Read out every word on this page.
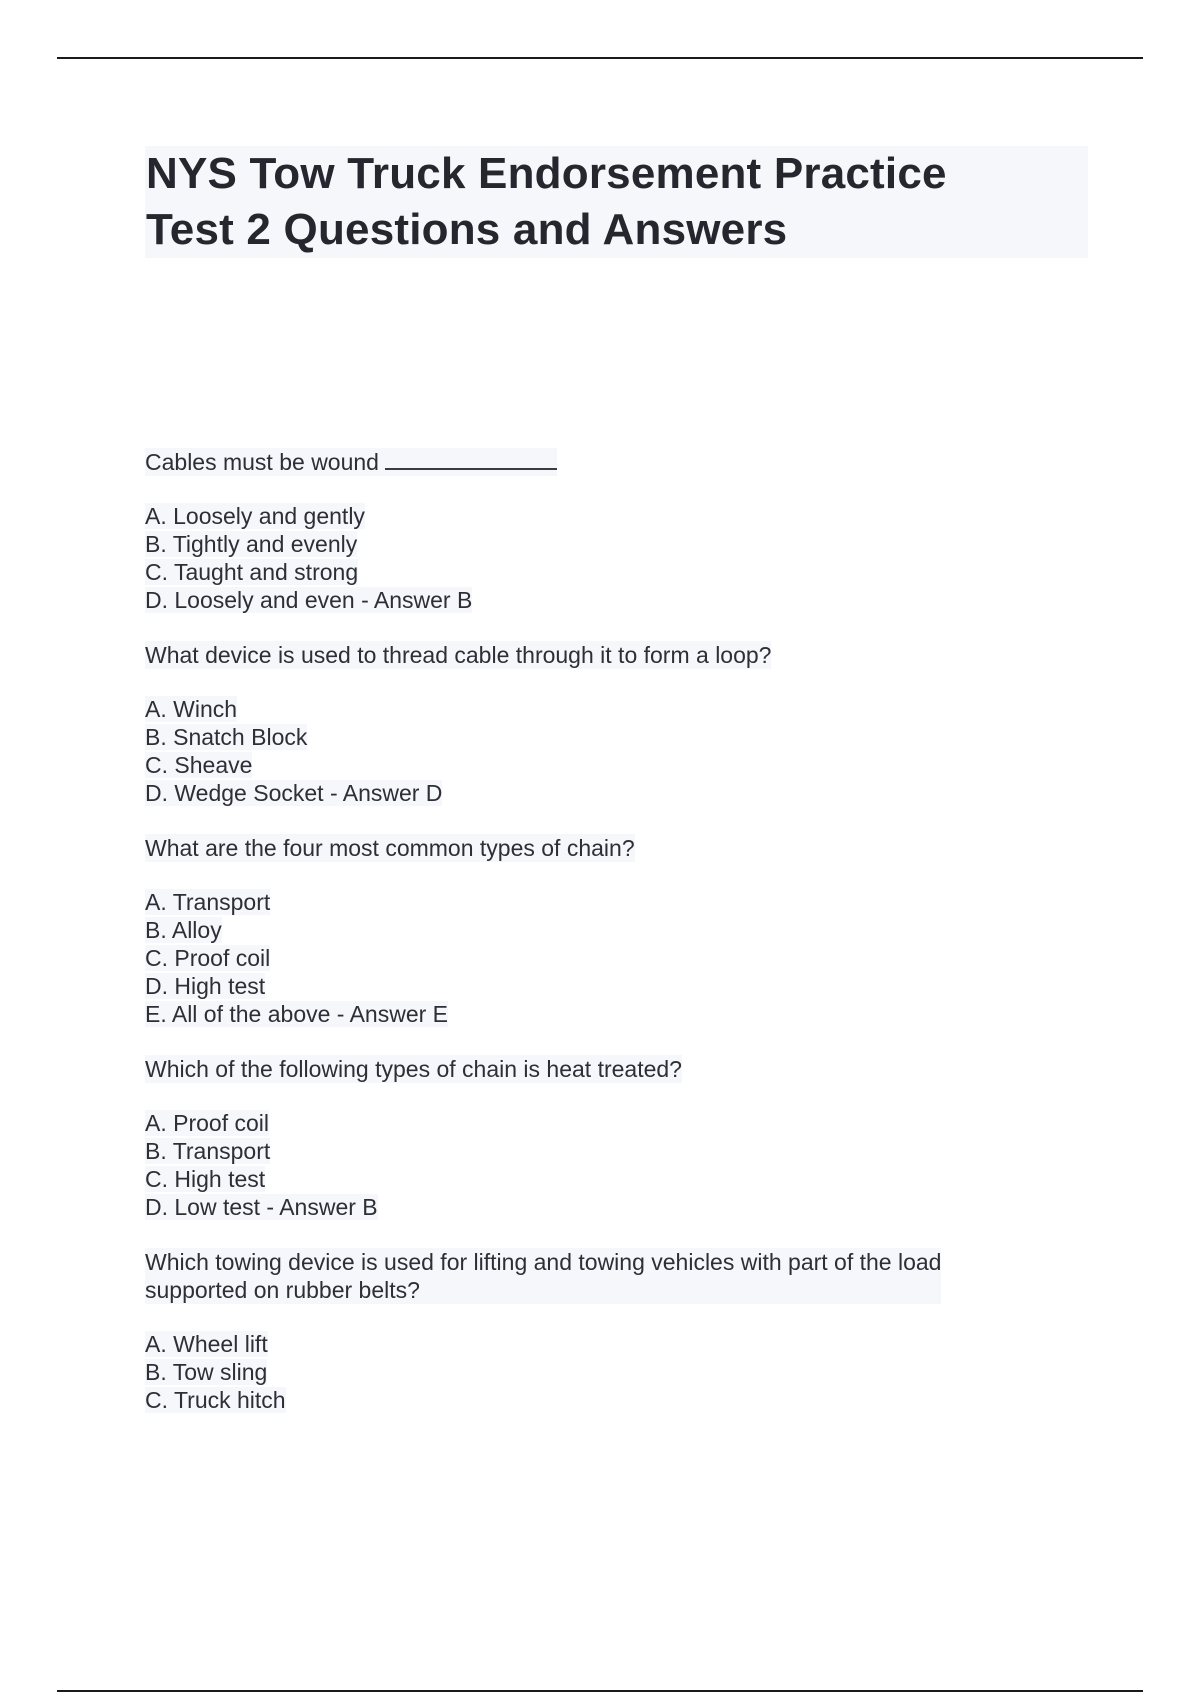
NYS Tow Truck Endorsement Practice
Test 2 Questions and Answers
Cables must be wound
A. Loosely and gently
B. Tightly and evenly
C. Taught and strong
D. Loosely and even - Answer B
What device is used to thread cable through it to form a loop?
A. Winch
B. Snatch Block
C. Sheave
D. Wedge Socket - Answer D
What are the four most common types of chain?
A. Transport
B. Alloy
C. Proof coil
D. High test
E. All of the above - Answer E
Which of the following types of chain is heat treated?
A. Proof coil
B. Transport
C. High test
D. Low test - Answer B
Which towing device is used for lifting and towing vehicles with part of the load
supported on rubber belts?
A. Wheel lift
B. Tow sling
C. Truck hitch
